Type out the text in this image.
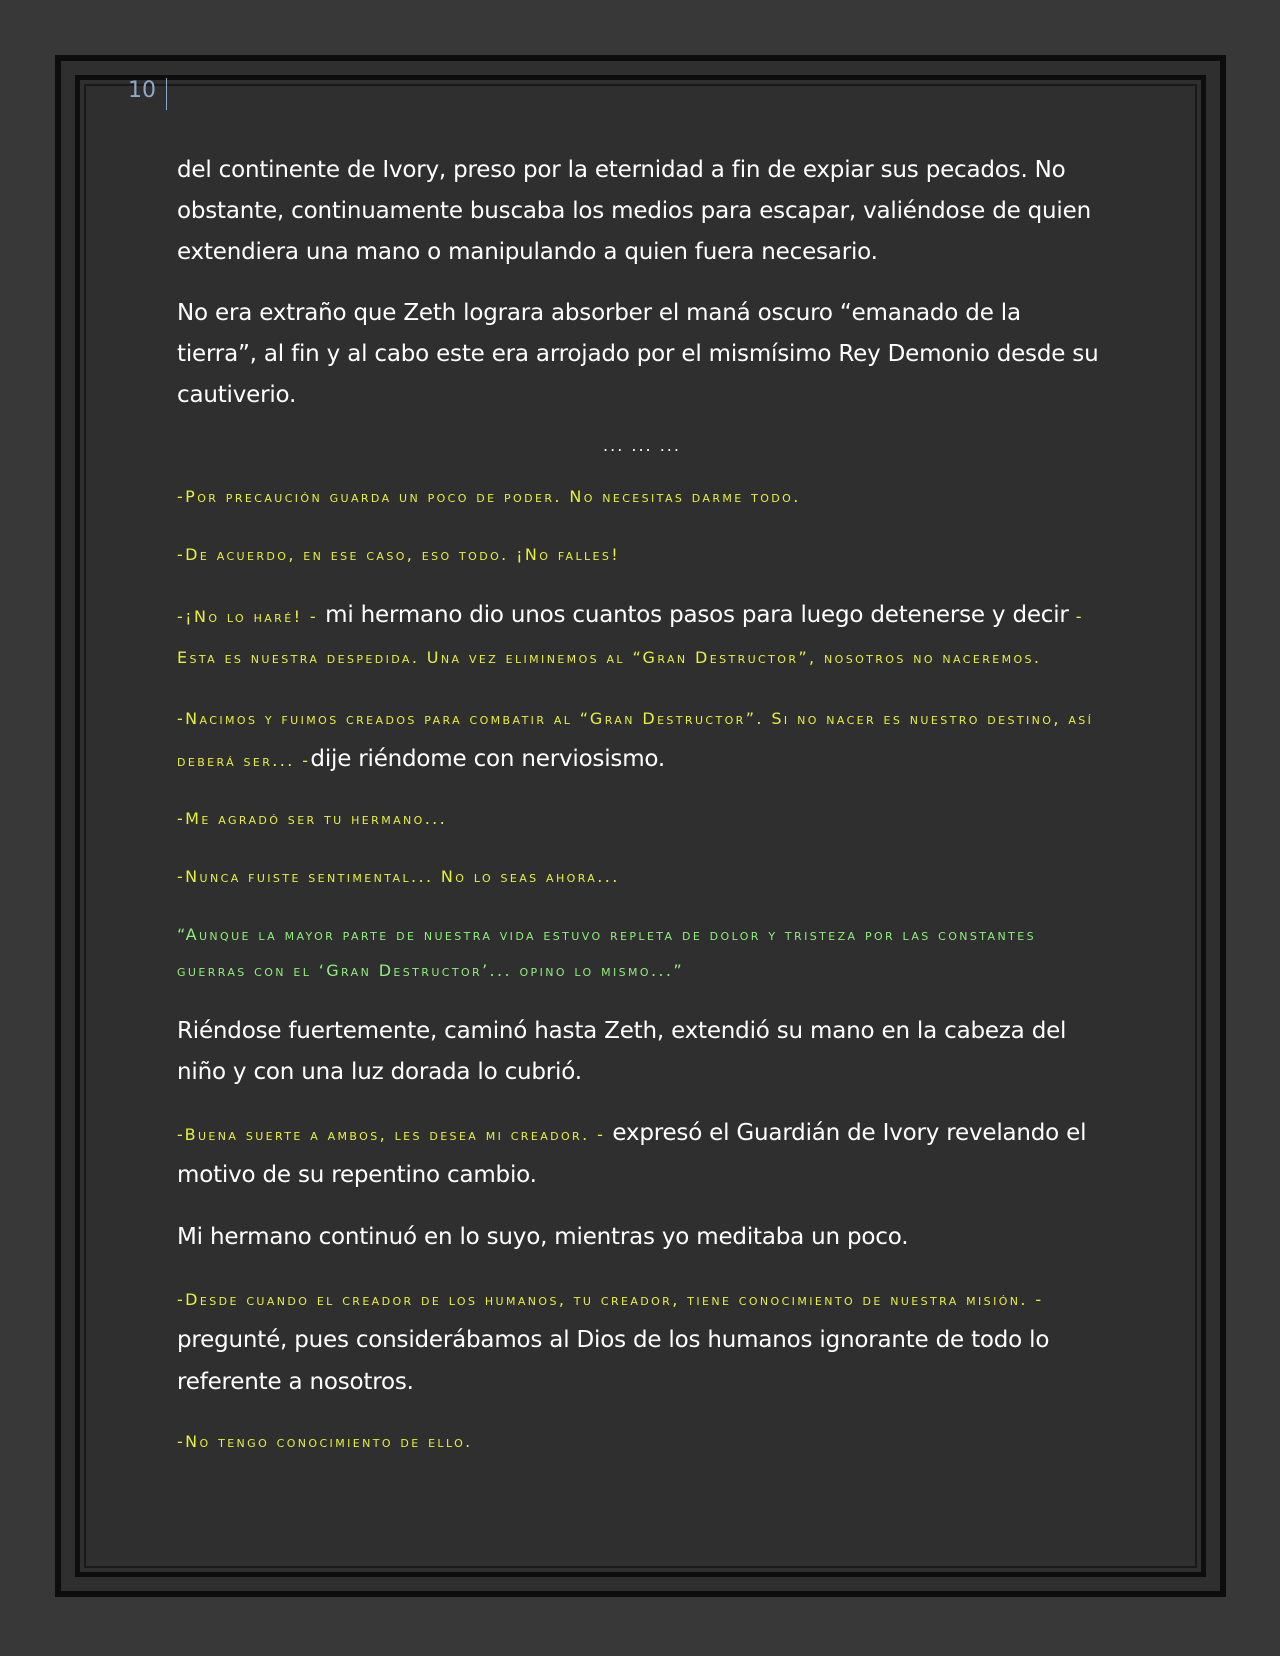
10

del continente de Ivory, preso por la eternidad a fin de expiar sus pecados. No obstante, continuamente buscaba los medios para escapar, valiéndose de quien extendiera una mano o manipulando a quien fuera necesario.

No era extraño que Zeth lograra absorber el maná oscuro “emanado de la tierra”, al fin y al cabo este era arrojado por el mismísimo Rey Demonio desde su cautiverio.

... ... ...

-Por precaución guarda un poco de poder. No necesitas darme todo.

-De acuerdo, en ese caso, eso todo. ¡No falles!

-¡No lo haré! - mi hermano dio unos cuantos pasos para luego detenerse y decir - Esta es nuestra despedida. Una vez eliminemos al “Gran Destructor”, nosotros no naceremos.

-Nacimos y fuimos creados para combatir al “Gran Destructor”. Si no nacer es nuestro destino, así deberá ser... -dije riéndome con nerviosismo.

-Me agradó ser tu hermano...

-Nunca fuiste sentimental... No lo seas ahora...

“Aunque la mayor parte de nuestra vida estuvo repleta de dolor y tristeza por las constantes guerras con el ‘Gran Destructor’... opino lo mismo...”

Riéndose fuertemente, caminó hasta Zeth, extendió su mano en la cabeza del niño y con una luz dorada lo cubrió.

-Buena suerte a ambos, les desea mi creador. - expresó el Guardián de Ivory revelando el motivo de su repentino cambio.

Mi hermano continuó en lo suyo, mientras yo meditaba un poco.

-Desde cuando el creador de los humanos, tu creador, tiene conocimiento de nuestra misión. - pregunté, pues considerábamos al Dios de los humanos ignorante de todo lo referente a nosotros.

-No tengo conocimiento de ello.
